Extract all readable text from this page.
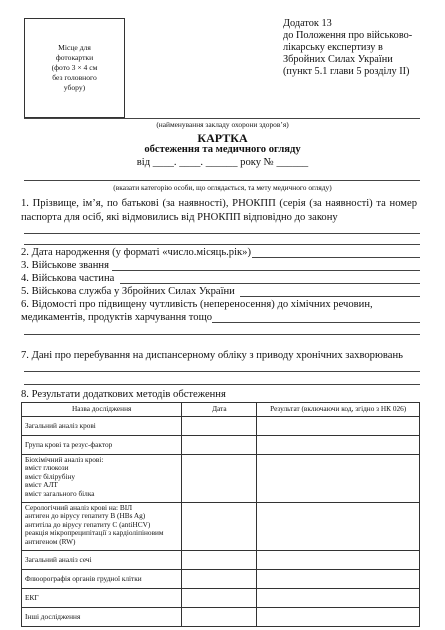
Місце для
фотокартки
(фото 3 × 4 см
без головного
убору)
Додаток 13
до Положення про військово-
лікарську експертизу в
Збройних Силах України
(пункт 5.1 глави 5 розділу II)
(найменування закладу охорони здоров’я)
КАРТКА
обстеження та медичного огляду
від ____. ____. ______ року № ______
(вказати категорію особи, що оглядається, та мету медичного огляду)
1. Прізвище, ім’я, по батькові (за наявності), РНОКПП (серія (за наявності) та номер паспорта для осіб, які відмовились від РНОКПП відповідно до закону
2. Дата народження (у форматі «число.місяць.рік»)
3. Військове звання
4. Військова частина
5. Військова служба у Збройних Силах України
6. Відомості про підвищену чутливість (непереносення) до хімічних речовин,
медикаментів, продуктів харчування тощо
7. Дані про перебування на диспансерному обліку з приводу хронічних захворювань
8. Результати додаткових методів обстеження
Назва дослідження	Дата	Результат (включаючи код, згідно з НК 026)
Загальний аналіз крові		
Група крові та резус-фактор		

Біохімічний аналіз крові:
вміст глюкози
вміст білірубіну
вміст АЛТ
вміст загального білка		

Серологічний аналіз крові на: ВІЛ
антиген до вірусу гепатиту В (HBs Ag)
антитіла до вірусу гепатиту С (antiHCV)
реакція мікропреципітації з кардіоліпіновим
антигеном (RW)		

Загальний аналіз сечі		
Флюорографія органів грудної клітки		
ЕКГ		
Інші дослідження		
